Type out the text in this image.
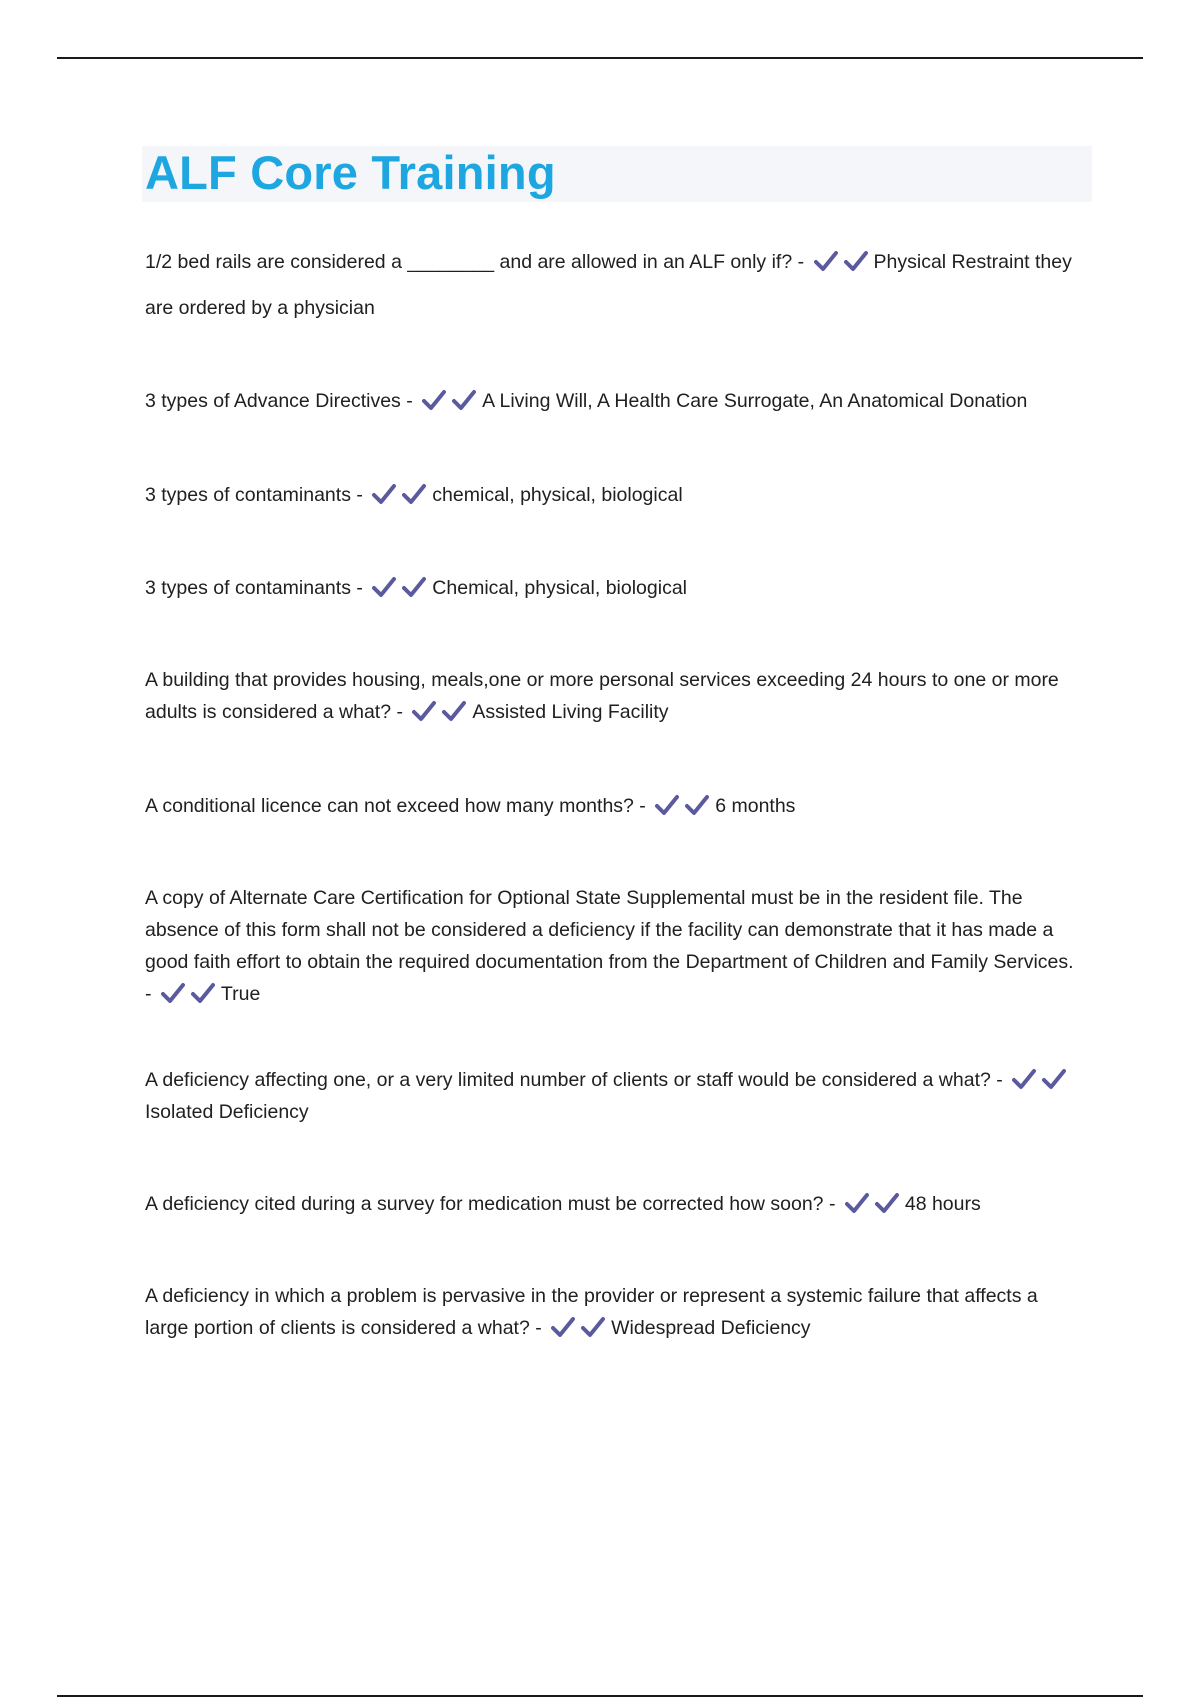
ALF Core Training

1/2 bed rails are considered a ________ and are allowed in an ALF only if? -	Physical Restraint they are ordered by a physician

3 types of Advance Directives -	A Living Will, A Health Care Surrogate, An Anatomical Donation

3 types of contaminants -	chemical, physical, biological

3 types of contaminants -	Chemical, physical, biological

A building that provides housing, meals,one or more personal services exceeding 24 hours to one or more adults is considered a what? -	Assisted Living Facility

A conditional licence can not exceed how many months? -	6 months

A copy of Alternate Care Certification for Optional State Supplemental must be in the resident file. The absence of this form shall not be considered a deficiency if the facility can demonstrate that it has made a good faith effort to obtain the required documentation from the Department of Children and Family Services. -	True

A deficiency affecting one, or a very limited number of clients or staff would be considered a what? -
Isolated Deficiency

A deficiency cited during a survey for medication must be corrected how soon? -	48 hours

A deficiency in which a problem is pervasive in the provider or represent a systemic failure that affects a large portion of clients is considered a what? -	Widespread Deficiency
